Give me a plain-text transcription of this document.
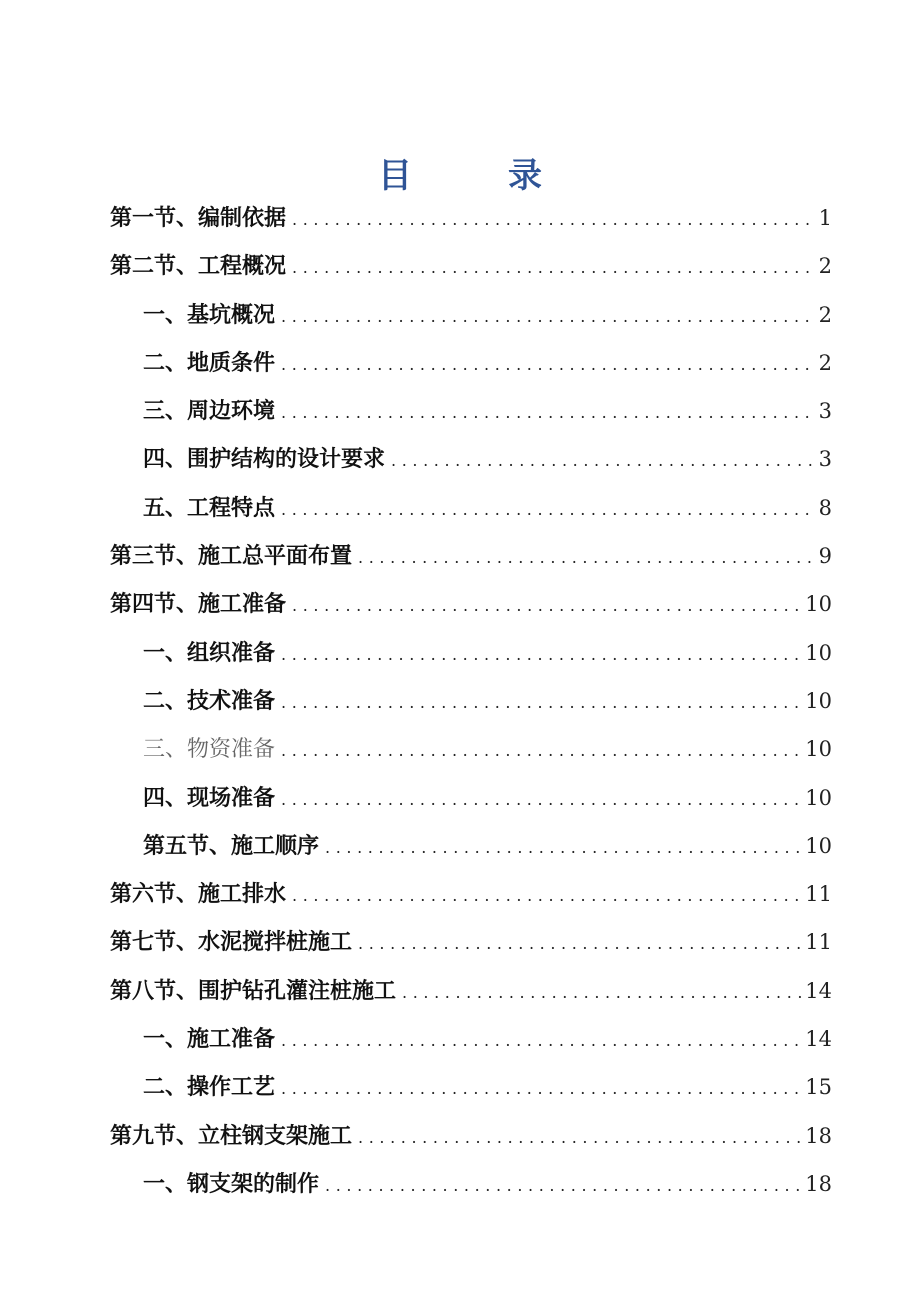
目	录
第一节、编制依据 .....	1
第二节、工程概况 .....	2
一、基坑概况 .....	2
二、地质条件 .....	2
三、周边环境 .....	3
四、围护结构的设计要求 .....	3
五、工程特点 .....	8
第三节、施工总平面布置 .....	9
第四节、施工准备 .....	10
一、组织准备 .....	10
二、技术准备 .....	10
三、物资准备 .....	10
四、现场准备 .....	10
第五节、施工顺序 .....	10
第六节、施工排水 .....	11
第七节、水泥搅拌桩施工 .....	11
第八节、围护钻孔灌注桩施工 .....	14
一、施工准备 .....	14
二、操作工艺 .....	15
第九节、立柱钢支架施工 .....	18
一、钢支架的制作 .....	18
